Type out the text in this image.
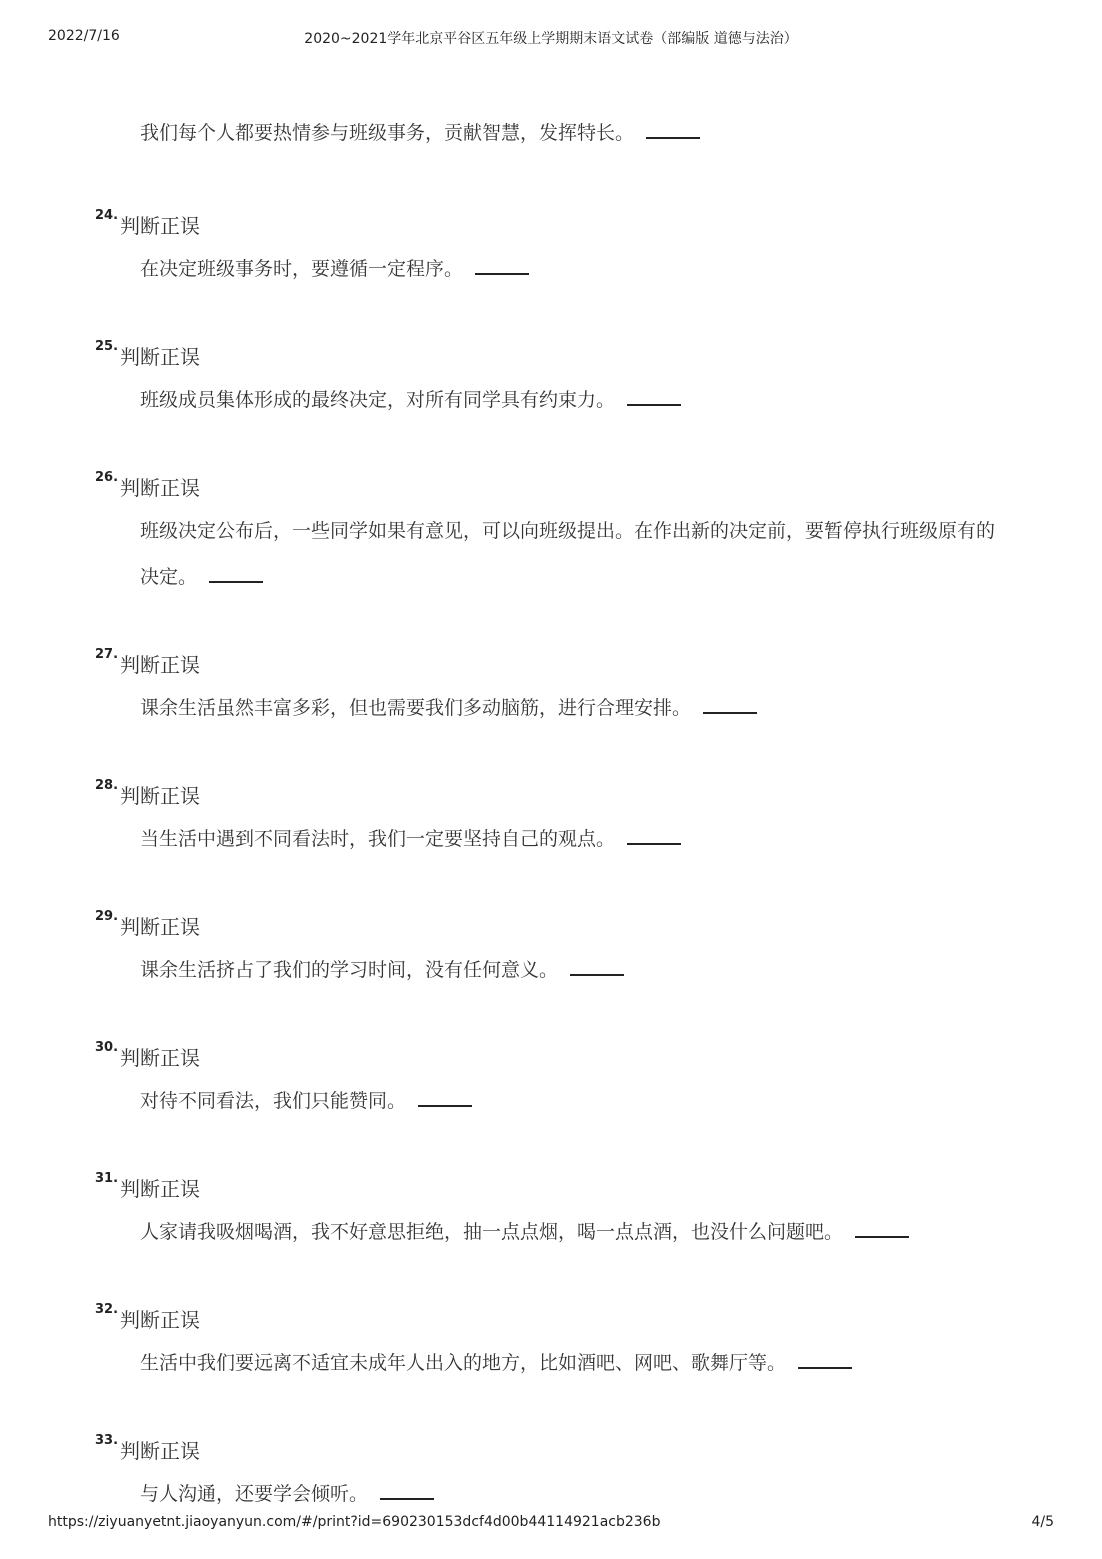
2022/7/16	2020~2021学年北京平谷区五年级上学期期末语文试卷（部编版 道德与法治）
我们每个人都要热情参与班级事务，贡献智慧，发挥特长。
24. 判断正误
在决定班级事务时，要遵循一定程序。
25. 判断正误
班级成员集体形成的最终决定，对所有同学具有约束力。
26. 判断正误
班级决定公布后，一些同学如果有意见，可以向班级提出。在作出新的决定前，要暂停执行班级原有的决定。
27. 判断正误
课余生活虽然丰富多彩，但也需要我们多动脑筋，进行合理安排。
28. 判断正误
当生活中遇到不同看法时，我们一定要坚持自己的观点。
29. 判断正误
课余生活挤占了我们的学习时间，没有任何意义。
30. 判断正误
对待不同看法，我们只能赞同。
31. 判断正误
人家请我吸烟喝酒，我不好意思拒绝，抽一点点烟，喝一点点酒，也没什么问题吧。
32. 判断正误
生活中我们要远离不适宜未成年人出入的地方，比如酒吧、网吧、歌舞厅等。
33. 判断正误
与人沟通，还要学会倾听。
https://ziyuanyetnt.jiaoyanyun.com/#/print?id=690230153dcf4d00b44114921acb236b	4/5
